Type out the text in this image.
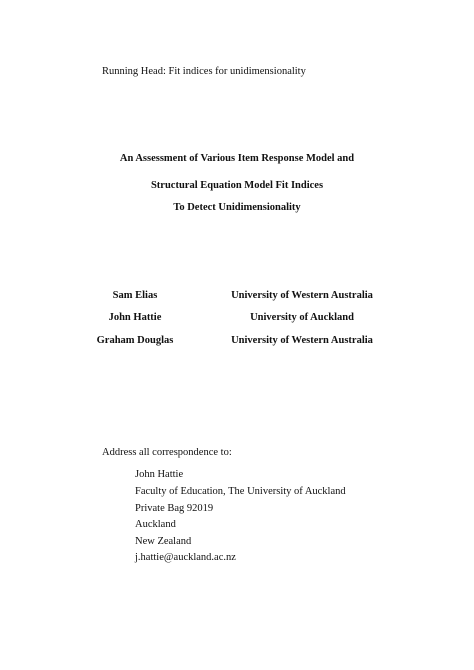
Running Head: Fit indices for unidimensionality
An Assessment of Various Item Response Model and
Structural Equation Model Fit Indices
To Detect Unidimensionality
Sam Elias	University of Western Australia
John Hattie	University of Auckland
Graham Douglas	University of Western Australia
Address all correspondence to:
John Hattie
Faculty of Education, The University of Auckland
Private Bag 92019
Auckland
New Zealand
j.hattie@auckland.ac.nz
